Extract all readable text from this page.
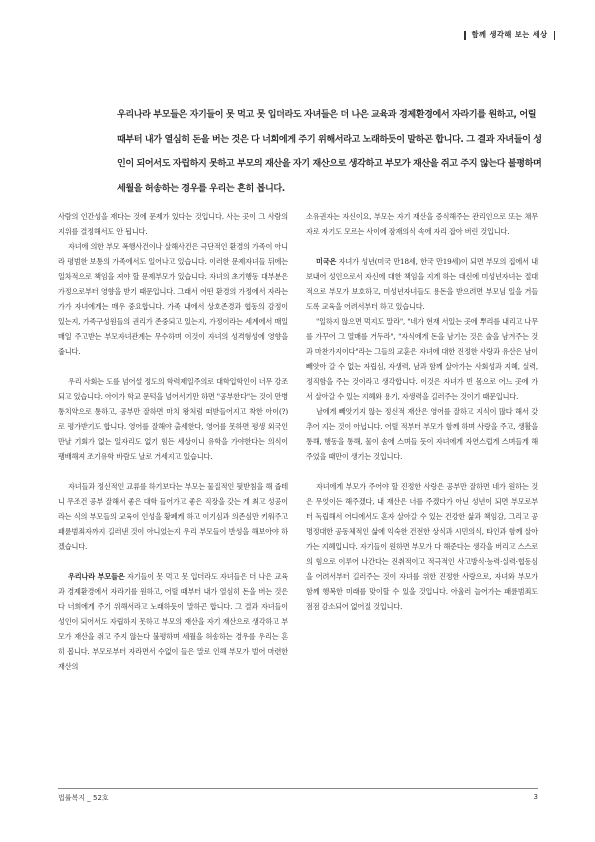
함께 생각해 보는 세상
우리나라 부모들은 자기들이 못 먹고 못 입더라도 자녀들은 더 나은 교육과 경제환경에서 자라기를 원하고, 어릴 때부터 내가 열심히 돈을 버는 것은 다 너희에게 주기 위해서라고 노래하듯이 말하곤 합니다. 그 결과 자녀들이 성인이 되어서도 자립하지 못하고 부모의 재산을 자기 재산으로 생각하고 부모가 재산을 쥐고 주지 않는다 불평하며 세월을 허송하는 경우를 우리는 흔히 봅니다.

사람의 인간성을 재다는 것에 문제가 있다는 것입니다. 사는 곳이 그 사람의 지위를 결정해서도 안 됩니다.

자녀에 의한 부모 폭행사건이나 살해사건은 극단적인 환경의 가족이 아니라 평범한 보통의 가족에서도 일어나고 있습니다. 이러한 문제자녀들 뒤에는 일차적으로 책임을 져야 할 문제부모가 있습니다. 자녀의 초기행동 대부분은 가정으로부터 영향을 받기 때문입니다. 그래서 어떤 환경의 가정에서 자라는가가 자녀에게는 매우 중요합니다. 가족 내에서 상호존경과 협동의 감정이 있는지, 가족구성원들의 권리가 존중되고 있는지, 가정이라는 세계에서 매일매일 주고받는 부모자녀관계는 무수하며 이것이 자녀의 성격형성에 영향을 줍니다.

우리 사회는 도를 넘어설 정도의 학력제일주의로 대학입학인이 너무 강조되고 있습니다. 아이가 학교 문턱을 넘어서기만 하면 "공부한다"는 것이 만병통치약으로 통하고, 공부만 잘하면 마치 왕처럼 떠받들어지고 착한 아이(?)로 평가받기도 합니다. 영어를 잘해야 출세한다, 영어를 못하면 평생 외국인 만날 기회가 없는 일자리도 없기 힘든 세상이니 유학을 가야한다는 의식이 팽배해져 조기유학 바람도 날로 거세지고 있습니다.

자녀들과 정신적인 교류를 하기보다는 부모는 물질적인 뒷받침을 해 줍테니 무조건 공부 잘해서 좋은 대학 들어가고 좋은 직장을 갖는 게 최고 성공이라는 식의 부모들의 교육이 인성을 황폐케 하고 이기심과 의존심만 키워주고 패륜범죄자까지 길러낸 것이 아니었는지 우리 부모들이 반성을 해보아야 하겠습니다.

우리나라 부모들은 자기들이 못 먹고 못 입더라도 자녀들은 더 나은 교육과 경제환경에서 자라기를 원하고, 어릴 때부터 내가 열심히 돈을 버는 것은 다 너희에게 주기 위해서라고 노래하듯이 말하곤 합니다. 그 결과 자녀들이 성인이 되어서도 자립하지 못하고 부모의 재산을 자기 재산으로 생각하고 부모가 재산을 쥐고 주지 않는다 불평하며 세월을 허송하는 경우를 우리는 흔히 봅니다. 부모로부터 자라면서 수없이 들은 말로 인해 부모가 벌어 마련한 재산의

소유권자는 자신이요, 부모는 자기 재산을 증식해주는 관리인으로 또는 채무자로 자기도 모르는 사이에 잠재의식 속에 자리 잡아 버린 것입니다.

미국은 자녀가 성년(미국 만18세, 한국 만19세)이 되면 부모의 집에서 내보내어 성인으로서 자신에 대한 책임을 지게 하는 대신에 미성년자녀는 절대적으로 부모가 보호하고, 미성년자녀들도 용돈을 받으려면 부모님 일을 거들도록 교육을 어려서부터 하고 있습니다.

"일하지 않으면 먹지도 말라", "네가 현재 서있는 곳에 뿌리를 내리고 나무를 가꾸어 그 열매를 거두라", "자식에게 돈을 남기는 것은 술을 남겨주는 것과 마찬가지이다"라는 그들의 교훈은 자녀에 대한 진정한 사랑과 유산은 남이 빼앗아 갈 수 없는 자립심, 자생력, 남과 함께 살아가는 사회성과 지혜, 실력, 정직함을 주는 것이라고 생각합니다. 이것은 자녀가 빈 몸으로 어느 곳에 가서 살아갈 수 있는 지혜와 용기, 자생력을 길러주는 것이기 때문입니다.

남에게 빼앗기지 않는 정신적 재산은 영어를 잘하고 지식이 많다 해서 갖추어 지는 것이 아닙니다. 어릴 적부터 부모가 함께 하며 사랑을 주고, 생활을 통해, 행동을 통해, 물이 솜에 스며들 듯이 자녀에게 자연스럽게 스며들게 해주었을 때만이 생기는 것입니다.

자녀에게 부모가 주어야 할 진정한 사랑은 공부만 잘하면 네가 원하는 것은 무엇이든 해주겠다, 내 재산은 너를 주겠다가 아닌 성년이 되면 부모로부터 독립해서 어디에서도 혼자 살아갈 수 있는 건강한 삶과 책임감, 그리고 공명정대한 공동체적인 삶에 익숙한 건전한 상식과 시민의식, 타인과 함께 살아가는 지혜입니다. 자기들이 원하면 부모가 다 해준다는 생각을 버리고 스스로의 힘으로 이루어 나간다는 진취적이고 적극적인 사고방식·능력·실력·협동심을 어려서부터 길러주는 것이 자녀를 위한 진정한 사랑으로, 자녀와 부모가 함께 행복한 미래를 맞이할 수 있을 것입니다. 아울러 늘어가는 패륜범죄도 점점 감소되어 없어질 것입니다.

법률복지 _ 52호	3
